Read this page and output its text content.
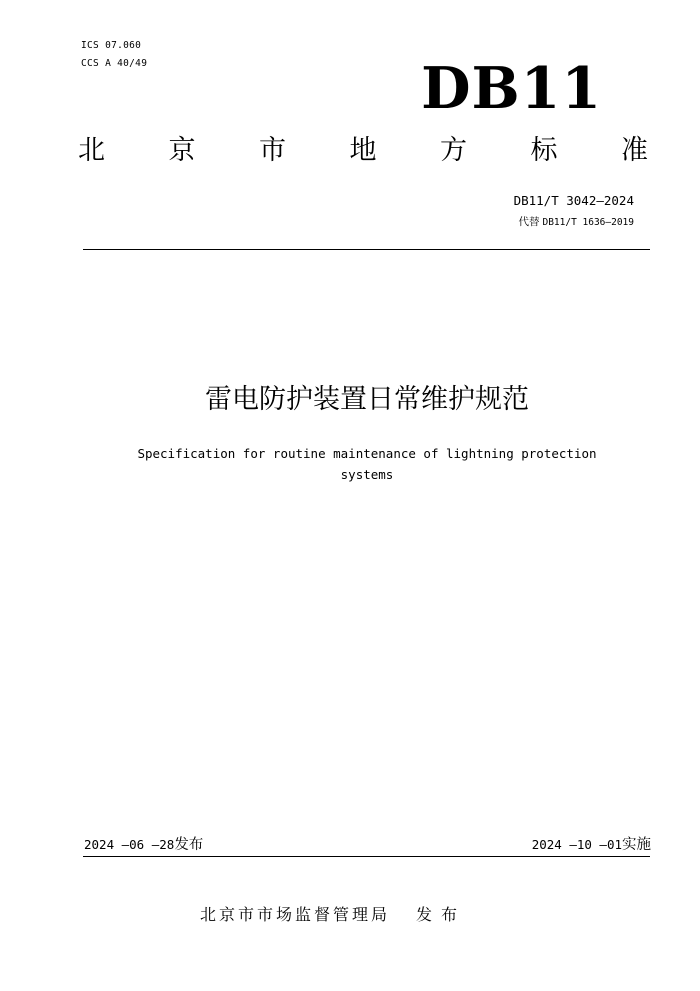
ICS 07.060
CCS A 40/49	DB11
北 京 市 地 方 标 准
DB11/T 3042—2024
代替 DB11/T 1636—2019
雷电防护装置日常维护规范
Specification for routine maintenance of lightning protection systems
2024 —06 —28发布	2024 —10 —01实施
北京市市场监督管理局 发布
